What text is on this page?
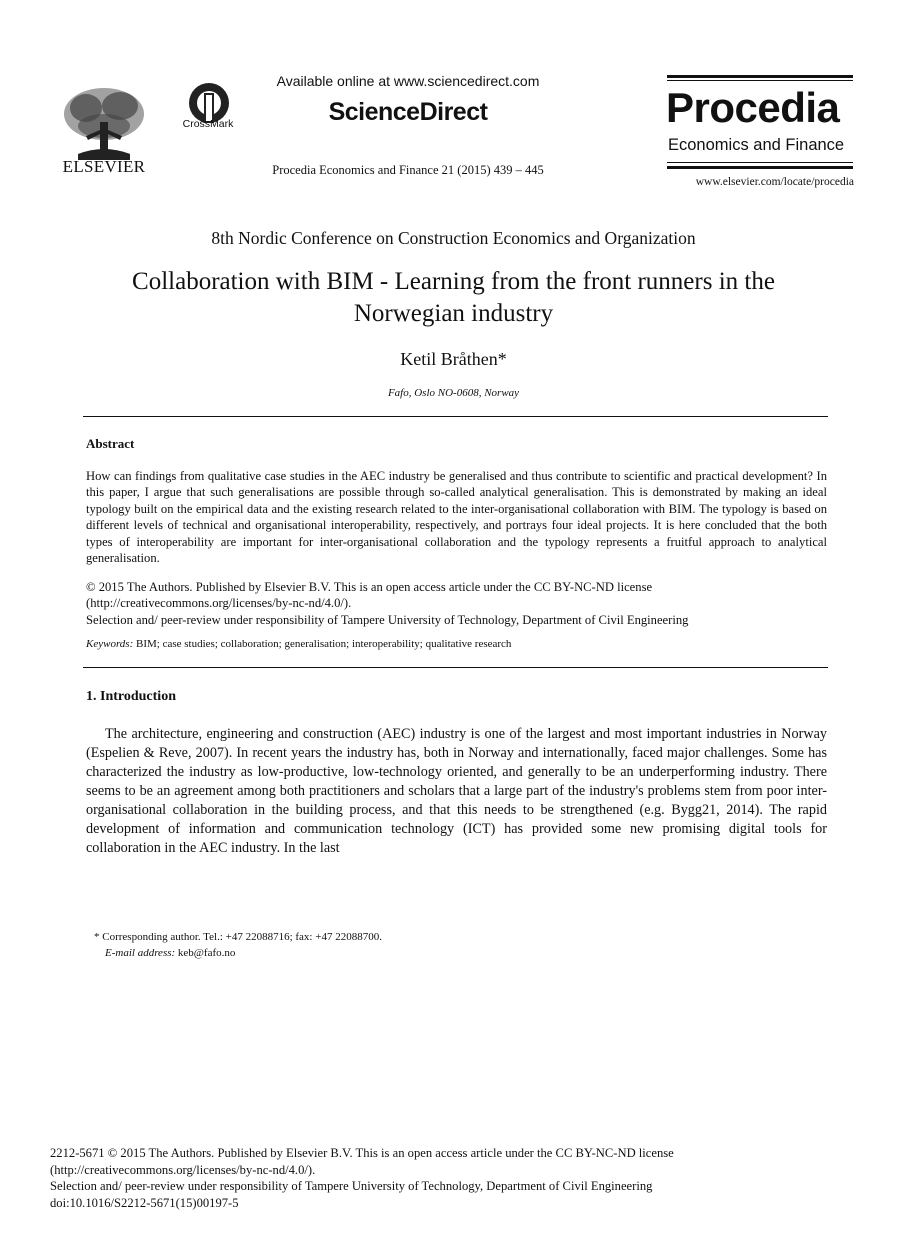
ELSEVIER
CrossMark
Available online at www.sciencedirect.com
ScienceDirect
Procedia Economics and Finance 21 (2015) 439 – 445
Procedia
Economics and Finance
www.elsevier.com/locate/procedia
8th Nordic Conference on Construction Economics and Organization
Collaboration with BIM - Learning from the front runners in the Norwegian industry
Ketil Bråthen*
Fafo, Oslo NO-0608, Norway
Abstract
How can findings from qualitative case studies in the AEC industry be generalised and thus contribute to scientific and practical development? In this paper, I argue that such generalisations are possible through so-called analytical generalisation. This is demonstrated by making an ideal typology built on the empirical data and the existing research related to the inter-organisational collaboration with BIM. The typology is based on different levels of technical and organisational interoperability, respectively, and portrays four ideal projects. It is here concluded that the both types of interoperability are important for inter-organisational collaboration and the typology represents a fruitful approach to analytical generalisation.
© 2015 The Authors. Published by Elsevier B.V. This is an open access article under the CC BY-NC-ND license
(http://creativecommons.org/licenses/by-nc-nd/4.0/).
Selection and/ peer-review under responsibility of Tampere University of Technology, Department of Civil Engineering
Keywords: BIM; case studies; collaboration; generalisation; interoperability; qualitative research
1. Introduction
The architecture, engineering and construction (AEC) industry is one of the largest and most important industries in Norway (Espelien & Reve, 2007). In recent years the industry has, both in Norway and internationally, faced major challenges. Some has characterized the industry as low-productive, low-technology oriented, and generally to be an underperforming industry. There seems to be an agreement among both practitioners and scholars that a large part of the industry's problems stem from poor inter-organisational collaboration in the building process, and that this needs to be strengthened (e.g. Bygg21, 2014). The rapid development of information and communication technology (ICT) has provided some new promising digital tools for collaboration in the AEC industry. In the last
* Corresponding author. Tel.: +47 22088716; fax: +47 22088700.
E-mail address: keb@fafo.no
2212-5671 © 2015 The Authors. Published by Elsevier B.V. This is an open access article under the CC BY-NC-ND license
(http://creativecommons.org/licenses/by-nc-nd/4.0/).
Selection and/ peer-review under responsibility of Tampere University of Technology, Department of Civil Engineering
doi:10.1016/S2212-5671(15)00197-5
